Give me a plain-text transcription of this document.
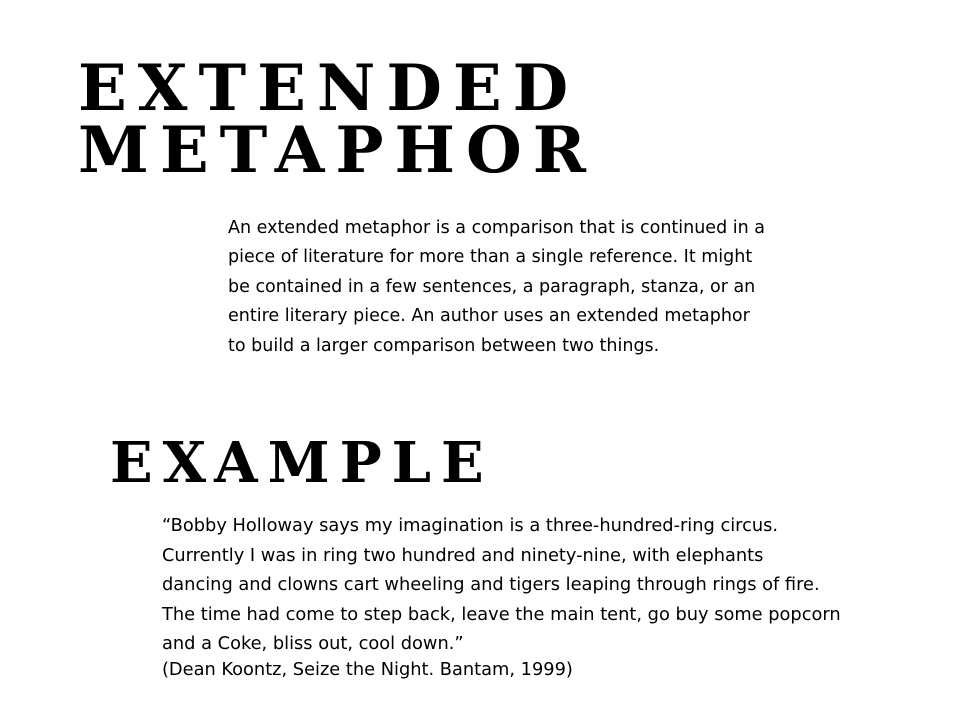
EXTENDED
METAPHOR

An extended metaphor is a comparison that is continued in a
piece of literature for more than a single reference. It might
be contained in a few sentences, a paragraph, stanza, or an
entire literary piece. An author uses an extended metaphor
to build a larger comparison between two things.

EXAMPLE

“Bobby Holloway says my imagination is a three-hundred-ring circus.
Currently I was in ring two hundred and ninety-nine, with elephants
dancing and clowns cart wheeling and tigers leaping through rings of fire.
The time had come to step back, leave the main tent, go buy some popcorn
and a Coke, bliss out, cool down.”

(Dean Koontz, Seize the Night. Bantam, 1999)
